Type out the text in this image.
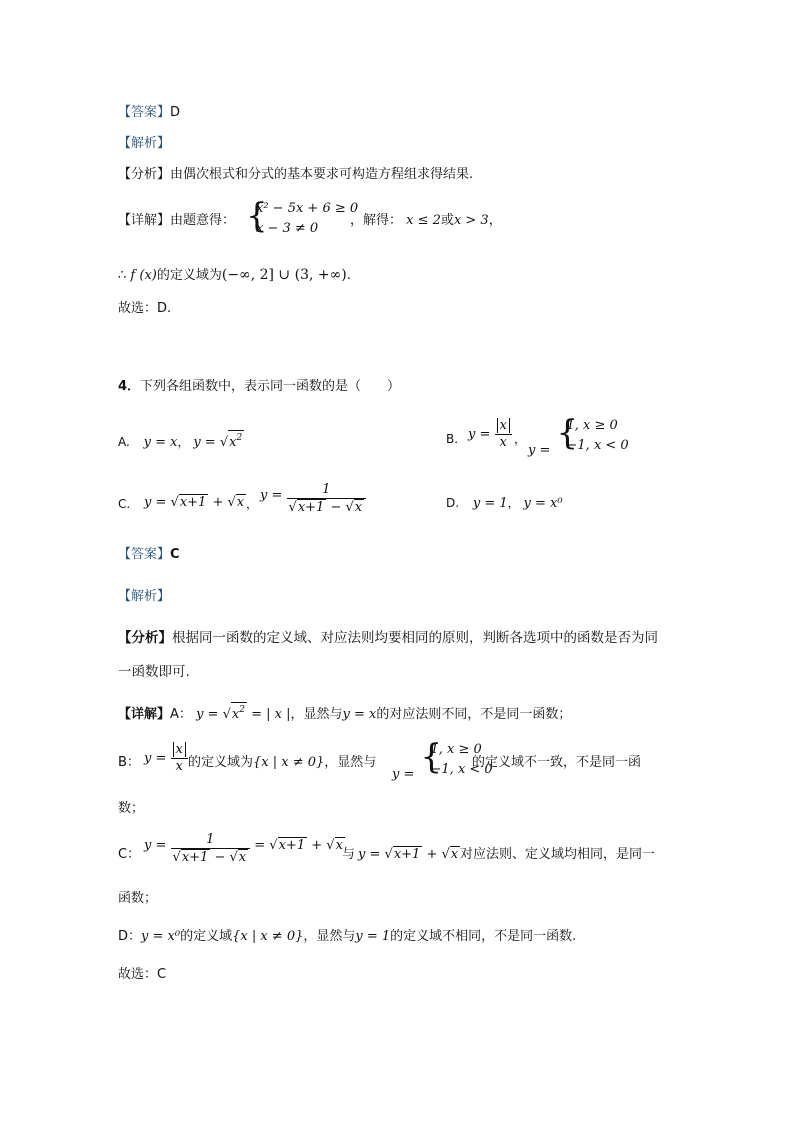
【答案】D
【解析】
【分析】由偶次根式和分式的基本要求可构造方程组求得结果.
【详解】由题意得： {
x² − 5x + 6 ≥ 0
x − 3 ≠ 0
，解得： x ≤ 2或x > 3，
∴ f (x)的定义域为(−∞, 2] ∪ (3, +∞).
故选：D.
4．下列各组函数中，表示同一函数的是（　　）
A. y = x， $y = √x^2$	B. $y = \frac{x}{x}$ ，
y = {
1, x ≥ 0
−1, x < 0
C. y = √x+1 + √x ，
$y = \frac{1}{√x+1 - √x}$	D. y = 1， y = x⁰
【答案】C
【解析】
【分析】根据同一函数的定义域、对应法则均要相同的原则，判断各选项中的函数是否为同
一函数即可.
【详解】A： $y = √x^2$ = | x |，显然与y = x的对应法则不同，不是同一函数；
B： $y = \frac{x}{x}$ 的定义域为{x | x ≠ 0}，显然与
y = {
1, x ≥ 0
−1, x < 0
的定义域不一致，不是同一函
数；
C：
$y = \frac{1}{√x+1 - √x} = √x+1 + √x$
与 y = √x+1 + √x 对应法则、定义域均相同，是同一
函数；
D：y = x⁰的定义域{x | x ≠ 0}，显然与y = 1的定义域不相同，不是同一函数.
故选：C
